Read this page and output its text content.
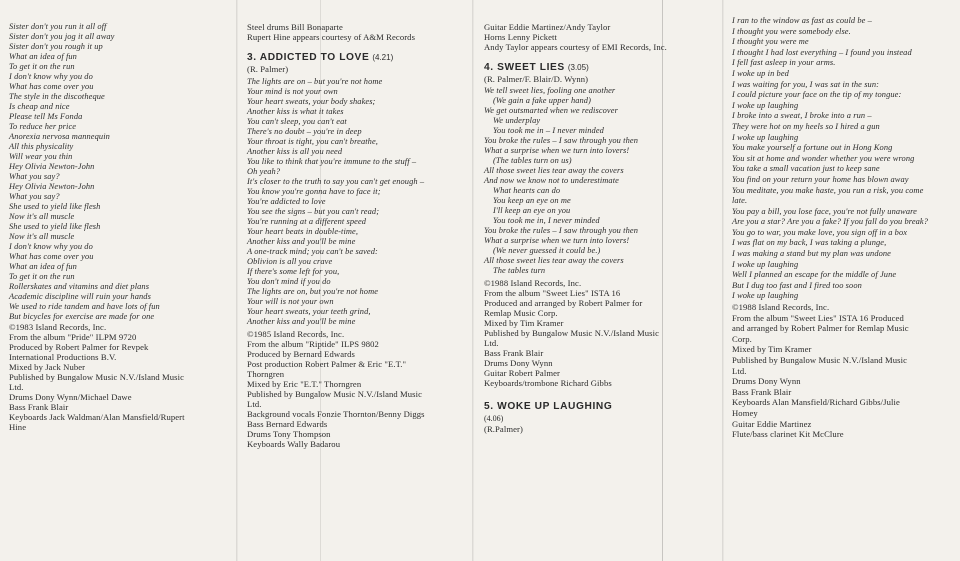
Sister don't you run it all off
Sister don't you jog it all away
Sister don't you rough it up
What an idea of fun
To get it on the run
I don't know why you do
What has come over you
The style in the discotheque
Is cheap and nice
Please tell Ms Fonda
To reduce her price
Anorexia nervosa mannequin
All this physicality
Will wear you thin
Hey Olivia Newton-John
What you say?
Hey Olivia Newton-John
What you say?
She used to yield like flesh
Now it's all muscle
She used to yield like flesh
Now it's all muscle
I don't know why you do
What has come over you
What an idea of fun
To get it on the run
Rollerskates and vitamins and diet plans
Academic discipline will ruin your hands
We used to ride tandem and have lots of fun
But bicycles for exercise are made for one
©1983 Island Records, Inc.
From the album "Pride" ILPM 9720
Produced by Robert Palmer for Revpek
International Productions B.V.
Mixed by Jack Nuber
Published by Bungalow Music N.V./Island Music
Ltd.
Drums Dony Wynn/Michael Dawe
Bass Frank Blair
Keyboards Jack Waldman/Alan Mansfield/Rupert
Hine
Steel drums Bill Bonaparte
Rupert Hine appears courtesy of A&M Records
3. ADDICTED TO LOVE (4.21)
(R. Palmer)
The lights are on – but you're not home
Your mind is not your own
Your heart sweats, your body shakes;
Another kiss is what it takes
You can't sleep, you can't eat
There's no doubt – you're in deep
Your throat is tight, you can't breathe,
Another kiss is all you need
You like to think that you're immune to the stuff –
Oh yeah?
It's closer to the truth to say you can't get enough –
You know you're gonna have to face it;
You're addicted to love
You see the signs – but you can't read;
You're running at a different speed
Your heart beats in double-time,
Another kiss and you'll be mine
A one-track mind; you can't be saved:
Oblivion is all you crave
If there's some left for you,
You don't mind if you do
The lights are on, but you're not home
Your will is not your own
Your heart sweats, your teeth grind,
Another kiss and you'll be mine
©1985 Island Records, Inc.
From the album "Riptide" ILPS 9802
Produced by Bernard Edwards
Post production Robert Palmer & Eric "E.T."
Thorngren
Mixed by Eric "E.T." Thorngren
Published by Bungalow Music N.V./Island Music
Ltd.
Background vocals Fonzie Thornton/Benny Diggs
Bass Bernard Edwards
Drums Tony Thompson
Keyboards Wally Badarou
Guitar Eddie Martinez/Andy Taylor
Horns Lenny Pickett
Andy Taylor appears courtesy of EMI Records, Inc.
4. SWEET LIES (3.05)
(R. Palmer/F. Blair/D. Wynn)
We tell sweet lies, fooling one another
(We gain a fake upper hand)
We get outsmarted when we rediscover
We underplay
You took me in – I never minded
You broke the rules – I saw through you then
What a surprise when we turn into lovers!
(The tables turn on us)
All those sweet lies tear away the covers
And now we know not to underestimate
What hearts can do
You keep an eye on me
I'll keep an eye on you
You took me in, I never minded
You broke the rules – I saw through you then
What a surprise when we turn into lovers!
(We never guessed it could be.)
All those sweet lies tear away the covers
The tables turn
©1988 Island Records, Inc.
From the album "Sweet Lies" ISTA 16
Produced and arranged by Robert Palmer for
Remlap Music Corp.
Mixed by Tim Kramer
Published by Bungalow Music N.V./Island Music
Ltd.
Bass Frank Blair
Drums Dony Wynn
Guitar Robert Palmer
Keyboards/trombone Richard Gibbs
5. WOKE UP LAUGHING
(4.06)
(R.Palmer)
I ran to the window as fast as could be –
I thought you were somebody else.
I thought you were me
I thought I had lost everything – I found you instead
I fell fast asleep in your arms.
I woke up in bed
I was waiting for you, I was sat in the sun:
I could picture your face on the tip of my tongue:
I woke up laughing
I broke into a sweat, I broke into a run –
They were hot on my heels so I hired a gun
I woke up laughing
You make yourself a fortune out in Hong Kong
You sit at home and wonder whether you were wrong
You take a small vacation just to keep sane
You find on your return your home has blown away
You meditate, you make haste, you run a risk, you come
late.
You pay a bill, you lose face, you're not fully unaware
Are you a star? Are you a fake? If you fall do you break?
You go to war, you make love, you sign off in a box
I was flat on my back, I was taking a plunge,
I was making a stand but my plan was undone
I woke up laughing
Well I planned an escape for the middle of June
But I dug too fast and I fired too soon
I woke up laughing
©1988 Island Records, Inc.
From the album "Sweet Lies" ISTA 16 Produced
and arranged by Robert Palmer for Remlap Music
Corp.
Mixed by Tim Kramer
Published by Bungalow Music N.V./Island Music
Ltd.
Drums Dony Wynn
Bass Frank Blair
Keyboards Alan Mansfield/Richard Gibbs/Julie
Homey
Guitar Eddie Martinez
Flute/bass clarinet Kit McClure
